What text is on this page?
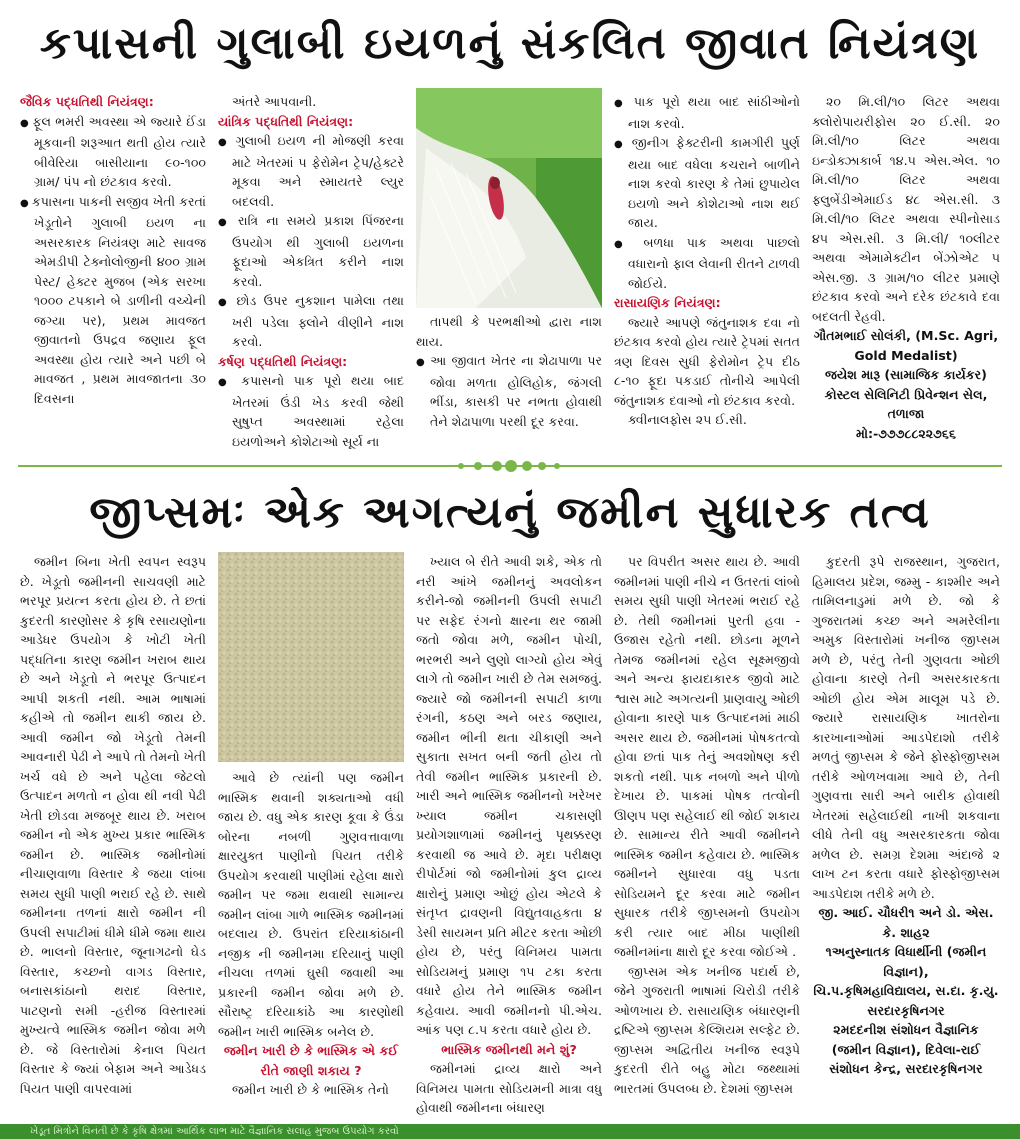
કપાસની ગુલાબી ઇયળનું સંકલિત જીવાત નિયંત્રણ

જૈવિક પદ્ધતિથી નિયંત્રણ:

● ફૂલ ભમરી અવસ્થા એ જ્યારે ઈંડા મૂકવાની શરૂઆત થતી હોય ત્યારે બીવેરિયા બાસીયાના ૯૦-૧૦૦ ગ્રામ/ પંપ નો છંટકાવ કરવો.

● કપાસના પાકની સજીવ ખેતી કરતાં ખેડૂતોને ગુલાબી ઇયળ ના અસરકારક નિયંત્રણ માટે સાવજ એમડીપી ટેક્નોલોજીની ૪૦૦ ગ્રામ પેસ્ટ/ હેક્ટર મુજબ (એક સરખા ૧૦૦૦ ટપકાને બે ડાળીની વચ્ચેની જગ્યા પર), પ્રથમ માવજત જીવાતનો ઉપદ્રવ જણાય ફૂલ અવસ્થા હોય ત્યારે અને પછી બે માવજત , પ્રથમ માવજાતના ૩૦ દિવસના

અંતરે આપવાની.

યાંત્રિક પદ્ધતિથી નિયંત્રણ:

● ગુલાબી ઇયળ ની મોજણી કરવા માટે ખેતરમાં ૫ ફેરોમેન ટ્રેપ/હેક્ટરે મૂકવા અને સ્માયતરે લ્યુર બદલવી.

● રાત્રિ ના સમયે પ્રકાશ પિંજરના ઉપયોગ થી ગુલાબી ઇયળના ફૂદાઓ એકત્રિત કરીને નાશ કરવો.

● છોડ ઉપર નુકશાન પામેલા તથા ખરી પડેલા ફ્લોને વીણીને નાશ કરવો.

કર્ષણ પદ્ધતિથી નિયંત્રણ:

● કપાસનો પાક પૂરો થયા બાદ ખેતરમાં ઉંડી ખેડ કરવી જેથી સુષુપ્ત અવસ્થામાં રહેલા ઇયળોઅને કોશેટાઓ સૂર્ય ના

તાપથી કે પરભક્ષીઓ દ્વારા નાશ થાય.

● આ જીવાત ખેતર ના શેઢાપાળા પર જોવા મળતા હોલિહોક, જંગલી ભીંડા, કાસકી પર નભતા હોવાથી તેને શેઢાપાળા પરથી દૂર કરવા.

● પાક પૂરો થયા બાદ સાંઠીઓનો નાશ કરવો.

● જીનીગ ફેક્ટરીની કામગીરી પુર્ણ થયા બાદ વધેલા કચરાને બાળીને નાશ કરવો કારણ કે તેમાં છુપાયેલ ઇયળો અને કોશેટાઓ નાશ થઈ જાય.

● બળધા પાક અથવા પાછલો વધારાનો ફાલ લેવાની રીતને ટાળવી જોઈયે.

રાસાયણિક નિયંત્રણ:

જ્યારે આપણે જંતુનાશક દવા નો છંટકાવ કરવો હોય ત્યારે ટ્રેપમાં સતત ત્રણ દિવસ સુધી ફેરોમોન ટ્રેપ દીઠ ૮-૧૦ ફૂદા પકડાઈ તોનીચે આપેલી જંતુનાશક દવાઓ નો છંટકાવ કરવો.

ક્વીનાલફોસ ૨૫ ઈ.સી.

૨૦ મિ.લી/૧૦ લિટર અથવા ક્લોરોપાયરીફોસ ૨૦ ઈ.સી. ૨૦ મિ.લી/૧૦ લિટર અથવા ઇન્ડોક્ઝાકાર્બ ૧૪.૫ એસ.એલ. ૧૦ મિ.લી/૧૦ લિટર અથવા ફ્લુબેંડીએમાઈડ ૪૮ એસ.સી. ૩ મિ.લી/૧૦ લિટર અથવા સ્પીનોસાડ ૪૫ એસ.સી. ૩ મિ.લી/ ૧૦લીટર અથવા એમામેક્ટીન બેંઝોએટ ૫ એસ.જી. ૩ ગ્રામ/૧૦ લીટર પ્રમાણે છંટકાવ કરવો અને દરેક છંટકાવે દવા બદલતી રેહવી.

ગૌતમભાઈ સોલંકી, (M.Sc. Agri, Gold Medalist)

જયેશ મારૂ (સામાજિક કાર્યકર)

કોસ્ટલ સેલિનિટી પ્રિવેન્શન સેલ, તળાજા

મો:-૭૭૭૮૮૨૨૭૬૬

જીપ્સમઃ એક અગત્યનું જમીન સુધારક તત્વ

જમીન બિના ખેતી સ્વપન સ્વરૂપ છે. ખેડૂતો જમીનની સાચવણી માટે ભરપૂર પ્રયત્ન કરતા હોય છે. તે છતાં કુદરતી કારણોસર કે કૃષિ રસાયણોના આડેધર ઉપયોગ કે ખોટી ખેતી પદ્ધતિના કારણ જમીન ખરાબ થાય છે અને ખેડૂતો ને ભરપૂર ઉત્પાદન આપી શકતી નથી. આમ ભાષામાં કહીએ તો જમીન થાકી જાય છે. આવી જમીન જો ખેડૂતો તેમની આવનારી પેઢી ને આપે તો તેમનો ખેતી ખર્ચ વધે છે અને પહેલા જેટલો ઉત્પાદન મળતો ન હોવા થી નવી પેઢી ખેતી છોડવા મજબૂર થાય છે. ખરાબ જમીન નો એક મુખ્ય પ્રકાર ભાસ્મિક જમીન છે. ભાસ્મિક જમીનોમાં નીચાણવાળા વિસ્તાર કે જયા લાંબા સમય સુધી પાણી ભરાઈ રહે છે. સાથે જમીનના તળનાં ક્ષારો જમીન ની ઉપલી સપાટીમાં ધીમે ધીમે જમા થાય છે. ભાલનો વિસ્તાર, જૂનાગઢનો ઘેડ વિસ્તાર, કચ્છનો વાગડ વિસ્તાર, બનાસકાંઠાનો થરાદ વિસ્તાર, પાટણનો સમી -હરીજ વિસ્તારમાં મુખ્યત્વે ભાસ્મિક જમીન જોવા મળે છે. જે વિસ્તારોમાં કેનાલ પિયત વિસ્તાર કે જ્યાં બેફામ અને આડેધડ પિયત પાણી વાપરવામાં

આવે છે ત્યાંની પણ જમીન ભાસ્મિક થવાની શક્યતાઓ વધી જાય છે. વધુ એક કારણ કૂવા કે ઉંડા બોરના નબળી ગુણવત્તાવાળા ક્ષારયુક્ત પાણીનો પિયત તરીકે ઉપયોગ કરવાથી પાણીમાં રહેલા ક્ષારો જમીન પર જમા થવાથી સામાન્ય જમીન લાંબા ગાળે ભાસ્મિક જમીનમાં બદલાય છે. ઉપરાંત દરિયાકાંઠાની નજીક ની જમીનમા દરિયાનું પાણી નીચલા તળમાં ઘુસી જવાથી આ પ્રકારની જમીન જોવા મળે છે. સૌરાષ્ટ્ર દરિયાકાંઠે આ કારણોથી જમીન ખારી ભાસ્મિક બનેલ છે.

જમીન ખારી છે કે ભાસ્મિક એ કઈ રીતે જાણી શકાય ?

જમીન ખારી છે કે ભાસ્મિક તેનો

ખ્યાલ બે રીતે આવી શકે, એક તો નરી આંખે જમીનનું અવલોકન કરીને-જો જમીનની ઉપલી સપાટી પર સફેદ રંગનો ક્ષારના થર જામી જતો જોવા મળે, જમીન પોચી, ભરભરી અને લુણો લાગ્યો હોય એવું લાગે તો જમીન ખારી છે તેમ સમજવું. જ્યારે જો જમીનની સપાટી કાળા રંગની, કઠણ અને બરડ જણાય, જમીન ભીની થતા ચીકાણી અને સુકાતા સખત બની જતી હોય તો તેવી જમીન ભાસ્મિક પ્રકારની છે. ખારી અને ભાસ્મિક જમીનનો ખરેખર ખ્યાલ જમીન ચકાસણી પ્રયોગશાળામાં જમીનનું પૃથક્કરણ કરવાથી જ આવે છે. મૃદા પરીક્ષણ રીપોર્ટમાં જો જમીનોમાં કુલ દ્રાવ્ય ક્ષારોનું પ્રમાણ ઓછું હોય એટલે કે સંતૃપ્ત દ્રાવણની વિદ્યુતવાહકતા ૪ ડેસી સાયમન પ્રતિ મીટર કરતા ઓછી હોય છે, પરંતુ વિનિમય પામતા સોડિયમનું પ્રમાણ ૧૫ ટકા કરતા વધારે હોય તેને ભાસ્મિક જમીન કહેવાય. આવી જમીનનો પી.એચ. આંક પણ ૮.૫ કરતા વધારે હોય છે.

ભાસ્મિક જમીનથી મને શું?

જમીનમાં દ્રાવ્ય ક્ષારો અને વિનિમય પામતા સોડિયમની માત્રા વધુ હોવાથી જમીનના બંધારણ

પર વિપરીત અસર થાય છે. આવી જમીનમાં પાણી નીચે ન ઉતરતાં લાંબો સમય સુધી પાણી ખેતરમાં ભરાઈ રહે છે. તેથી જમીનમાં પુરતી હવા - ઉજાસ રહેતો નથી. છોડના મૂળને તેમજ જમીનમાં રહેલ સૂક્ષ્મજીવો અને અન્ય ફાયદાકારક જીવો માટે શ્વાસ માટે અગત્યની પ્રાણવાયુ ઓછી હોવાના કારણે પાક ઉત્પાદનમાં માઠી અસર થાય છે. જમીનમાં પોષકતત્વો હોવા છતાં પાક તેનું અવશોષણ કરી શકતો નથી. પાક નબળો અને પીળો દેખાય છે. પાકમાં પોષક તત્વોની ઊણપ પણ સહેલાઈ થી જોઈ શકાય છે. સામાન્ય રીતે આવી જમીનને ભાસ્મિક જમીન કહેવાય છે. ભાસ્મિક જમીનને સુધારવા વધુ પડતા સોડિયમને દૂર કરવા માટે જમીન સુધારક તરીકે જીપ્સમનો ઉપયોગ કરી ત્યાર બાદ મીઠા પાણીથી જમીનમાંના ક્ષારો દૂર કરવા જોઈએ .

જીપ્સમ એક ખનીજ પદાર્થ છે, જેને ગુજરાતી ભાષામાં ચિરોડી તરીકે ઓળખાય છે. રાસાયણિક બંધારણની દ્રષ્ટિએ જીપ્સમ કેલ્શિયમ સલ્ફેટ છે. જીપ્સમ અદ્વિતીય ખનીજ સ્વરૂપે કુદરતી રીતે બહુ મોટા જથ્થામાં ભારતમાં ઉપલબ્ધ છે. દેશમાં જીપ્સમ

કુદરતી રૂપે રાજસ્થાન, ગુજરાત, હિમાલય પ્રદેશ, જમ્મુ - કાશ્મીર અને તામિલનાડુમાં મળે છે. જો કે ગુજરાતમાં કચ્છ અને અમરેલીના અમુક વિસ્તારોમાં ખનીજ જીપ્સમ મળે છે, પરંતુ તેની ગુણવતા ઓછી હોવાના કારણે તેની અસરકારકતા ઓછી હોય એમ માલૂમ પડે છે. જ્યારે રાસાયણિક ખાતરોના કારખાનાઓમાં આડપેદાશો તરીકે મળતું જીપ્સમ કે જેને ફોસ્ફોજીપ્સમ તરીકે ઓળખવામા આવે છે, તેની ગુણવત્તા સારી અને બારીક હોવાથી ખેતરમાં સહેલાઈથી નાખી શકવાના લીધે તેની વધુ અસરકારકતા જોવા મળેલ છે. સમગ્ર દેશમા અંદાજે ૨ લાખ ટન કરતા વધારે ફોસ્ફોજીપ્સમ આડપેદાશ તરીકે મળે છે.

જી. આઈ. ચૌધરી૧ અને ડો. એસ. કે. શાહ૨

૧અનુસ્નાતક વિધાર્થીની (જમીન વિજ્ઞાન),

ચિ.પ.કૃષિમહાવિદ્યાલય, સ.દા. કૃ.યુ. સરદારકૃષિનગર

૨મદદનીશ સંશોધન વૈજ્ઞાનિક (જમીન વિજ્ઞાન), દિવેલા-રાઈ સંશોધન કેન્દ્ર, સરદારકૃષિનગર

ખેડૂત મિત્રોને વિનંતી છે કે કૃષિ ક્ષેત્રમાં આર્થિક લાભ માટે વૈજ્ઞાનિક સલાહ મુજબ ઉપયોગ કરવો
